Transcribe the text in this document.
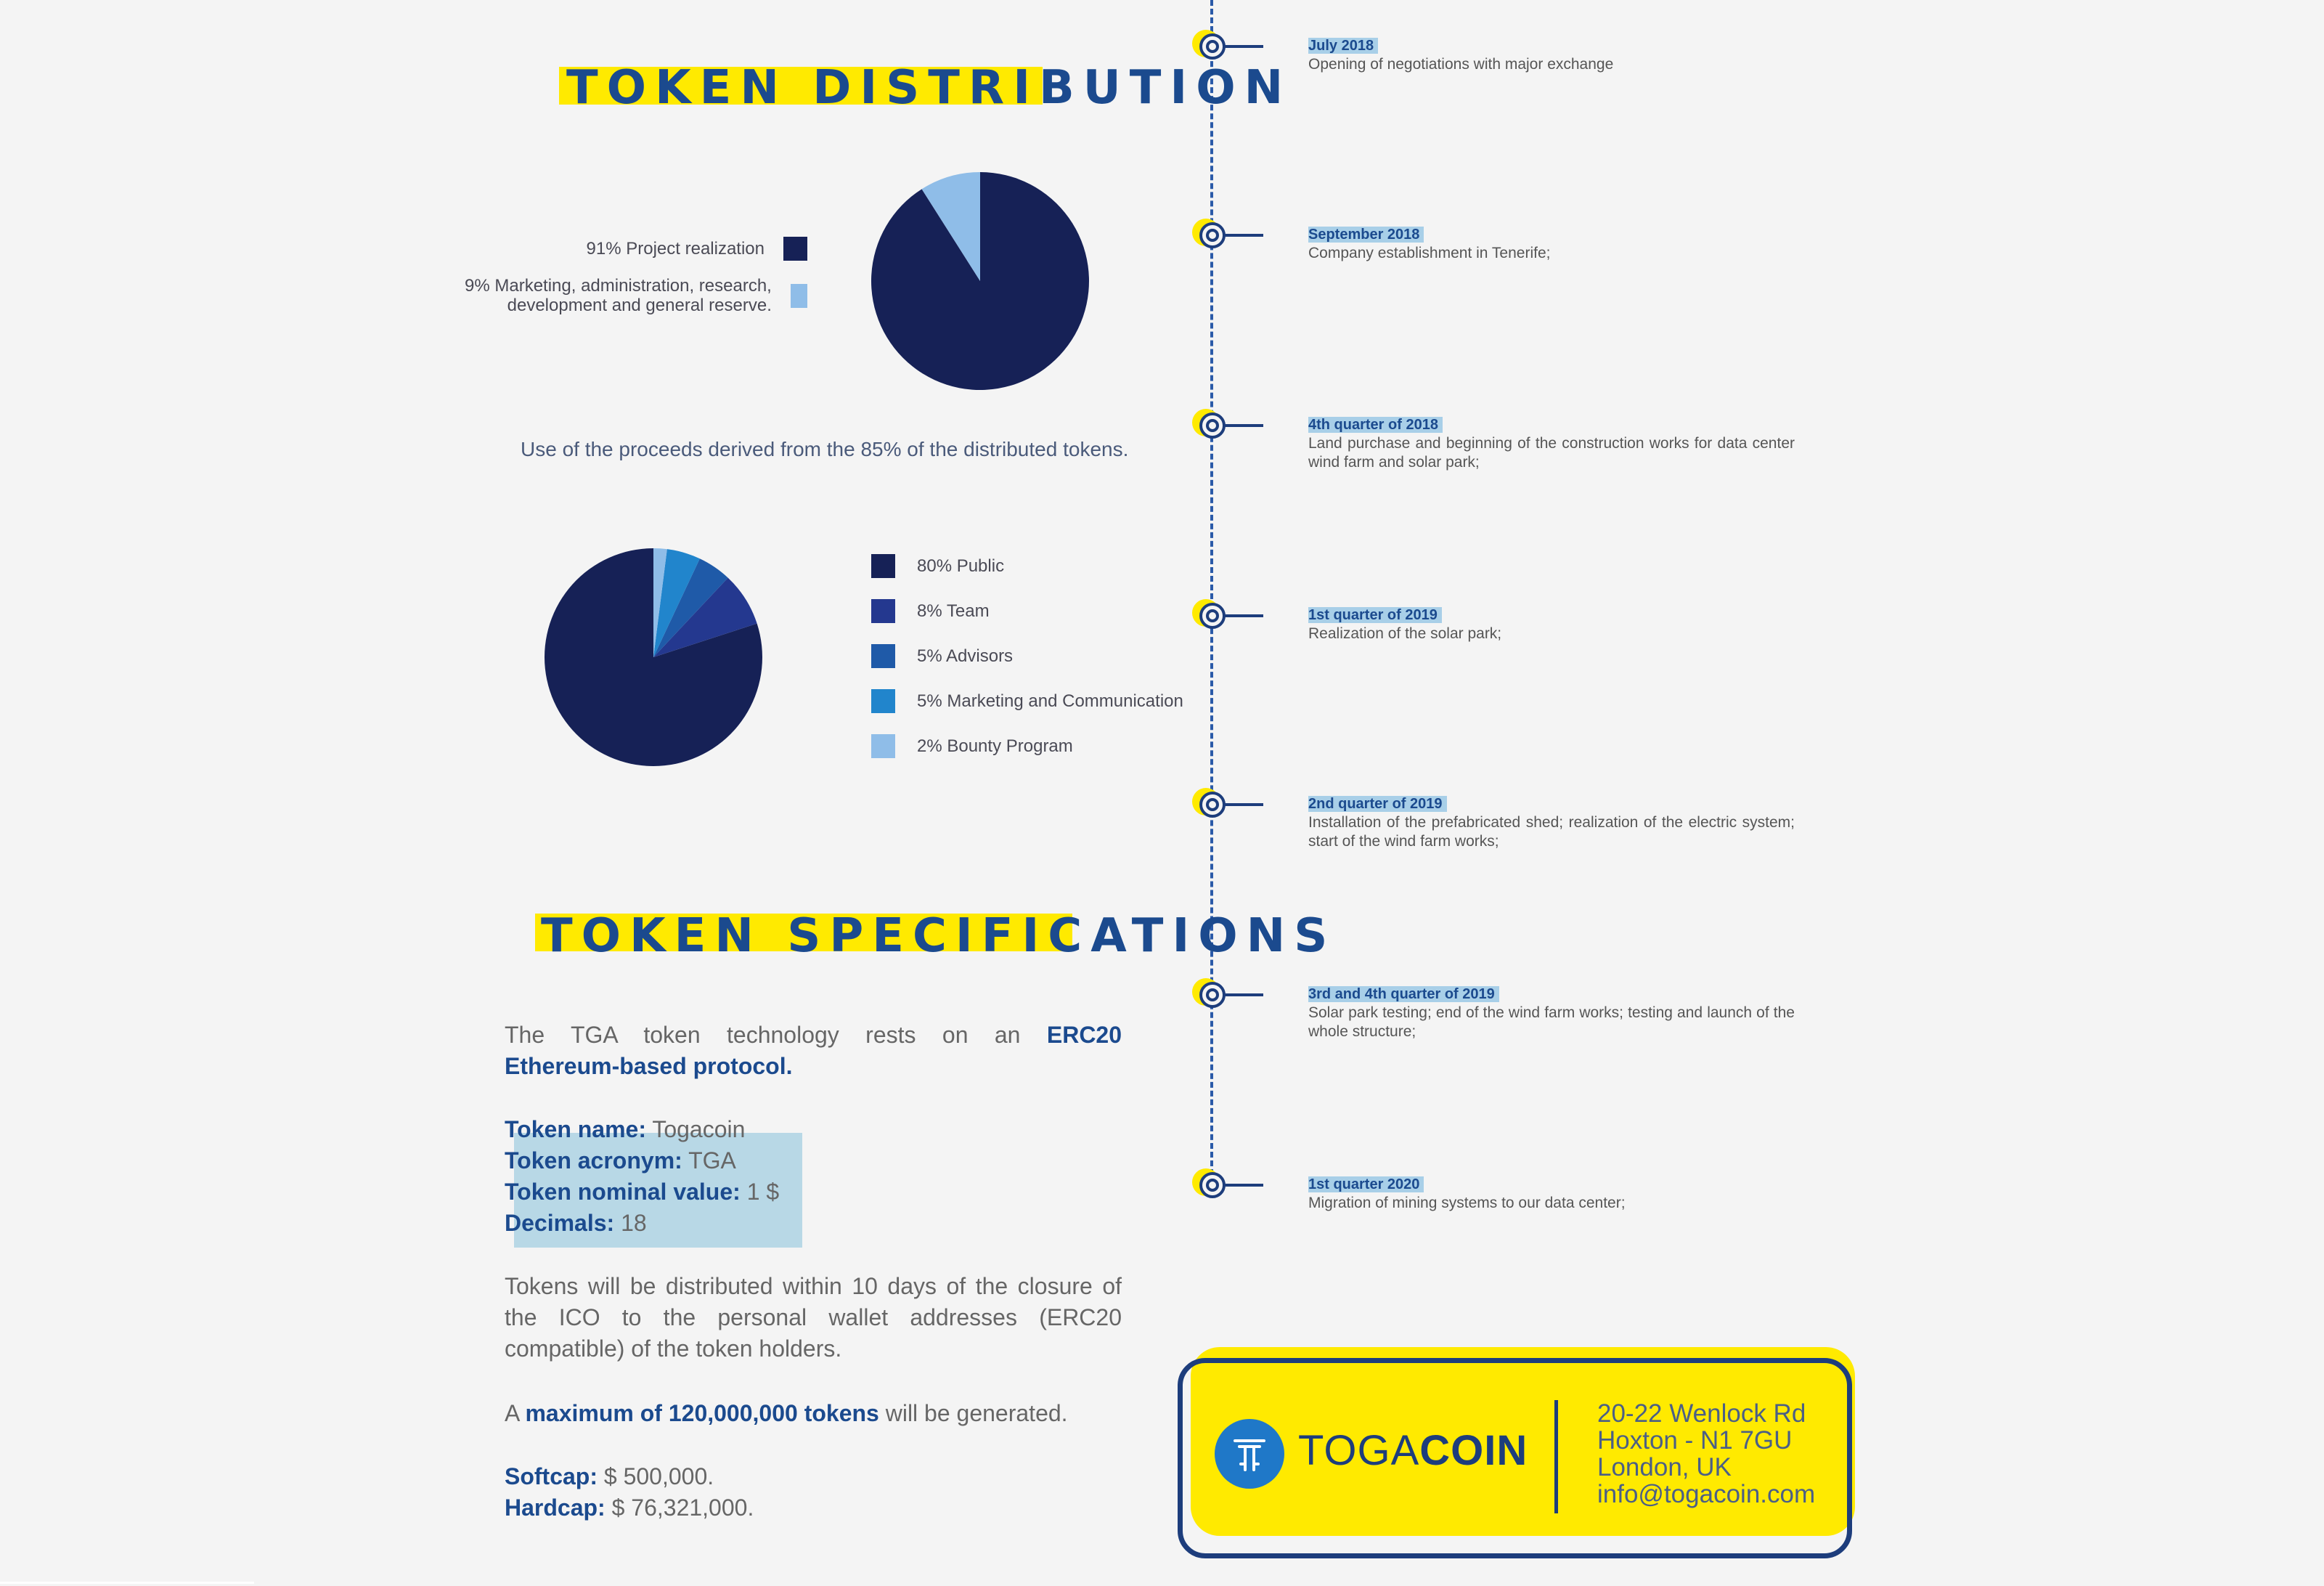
TOKEN DISTRIBUTION
91% Project realization
9% Marketing, administration, research,
development and general reserve.
Use of the proceeds derived from the 85% of the distributed tokens.
80% Public
8% Team
5% Advisors
5% Marketing and Communication
2% Bounty Program
July 2018
Opening of negotiations with major exchange
September 2018
Company establishment in Tenerife;
4th quarter of 2018
Land purchase and beginning of the construction works for data center wind farm and solar park;
1st quarter of 2019
Realization of the solar park;
2nd quarter of 2019
Installation of the prefabricated shed; realization of the electric system; start of the wind farm works;
3rd and 4th quarter of 2019
Solar park testing; end of the wind farm works; testing and launch of the whole structure;
1st quarter 2020
Migration of mining systems to our data center;
TOKEN SPECIFICATIONS
The TGA token technology rests on an ERC20
Ethereum-based protocol.
Token name: Togacoin
Token acronym: TGA
Token nominal value: 1 $
Decimals: 18
Tokens will be distributed within 10 days of the closure of the ICO to the personal wallet addresses (ERC20 compatible) of the token holders.
A maximum of 120,000,000 tokens will be generated.
Softcap: $ 500,000.
Hardcap: $ 76,321,000.
TOGACOIN
20-22 Wenlock Rd
Hoxton - N1 7GU
London, UK
info@togacoin.com
